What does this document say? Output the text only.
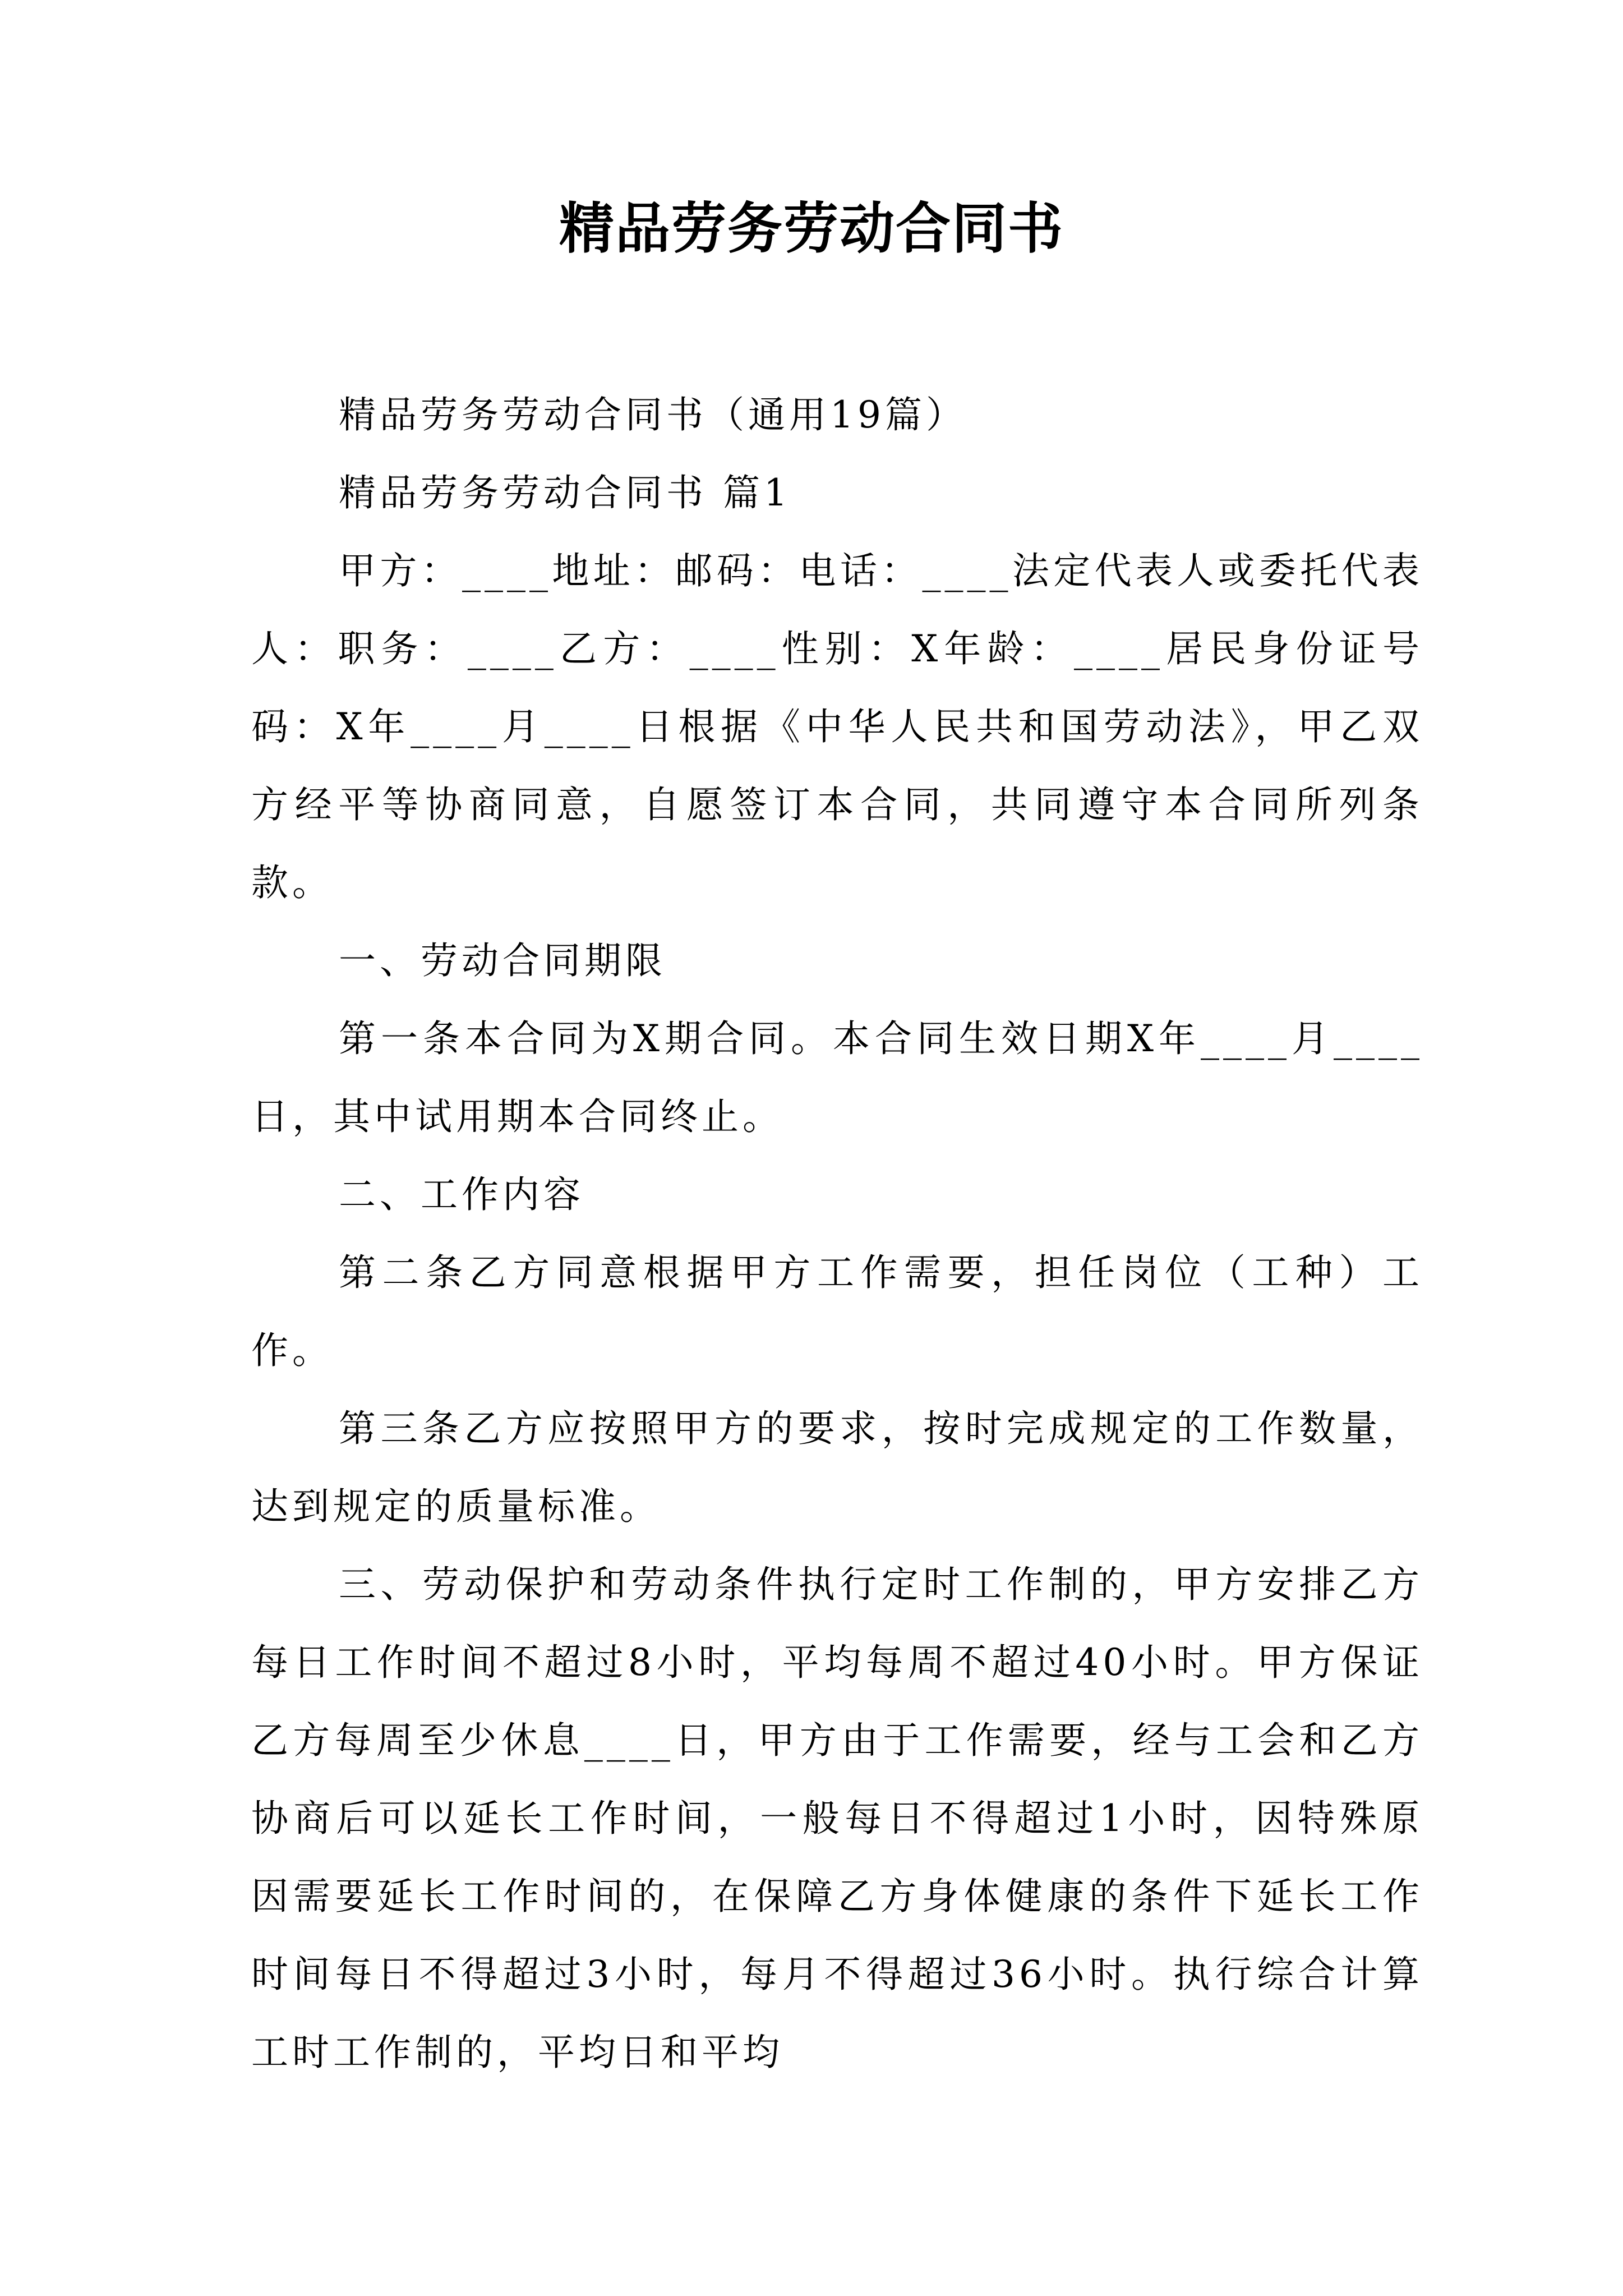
精品劳务劳动合同书

精品劳务劳动合同书（通用19篇）

精品劳务劳动合同书 篇1

甲方：____地址：邮码：电话：____法定代表人或委托代表人：职务：____乙方：____性别：X年龄：____居民身份证号码：X年____月____日根据《中华人民共和国劳动法》，甲乙双方经平等协商同意，自愿签订本合同，共同遵守本合同所列条款。

一、劳动合同期限

第一条本合同为X期合同。本合同生效日期X年____月____日，其中试用期本合同终止。

二、工作内容

第二条乙方同意根据甲方工作需要，担任岗位（工种）工作。

第三条乙方应按照甲方的要求，按时完成规定的工作数量，达到规定的质量标准。

三、劳动保护和劳动条件执行定时工作制的，甲方安排乙方每日工作时间不超过8小时，平均每周不超过40小时。甲方保证乙方每周至少休息____日，甲方由于工作需要，经与工会和乙方协商后可以延长工作时间，一般每日不得超过1小时，因特殊原因需要延长工作时间的，在保障乙方身体健康的条件下延长工作时间每日不得超过3小时，每月不得超过36小时。执行综合计算工时工作制的，平均日和平均
